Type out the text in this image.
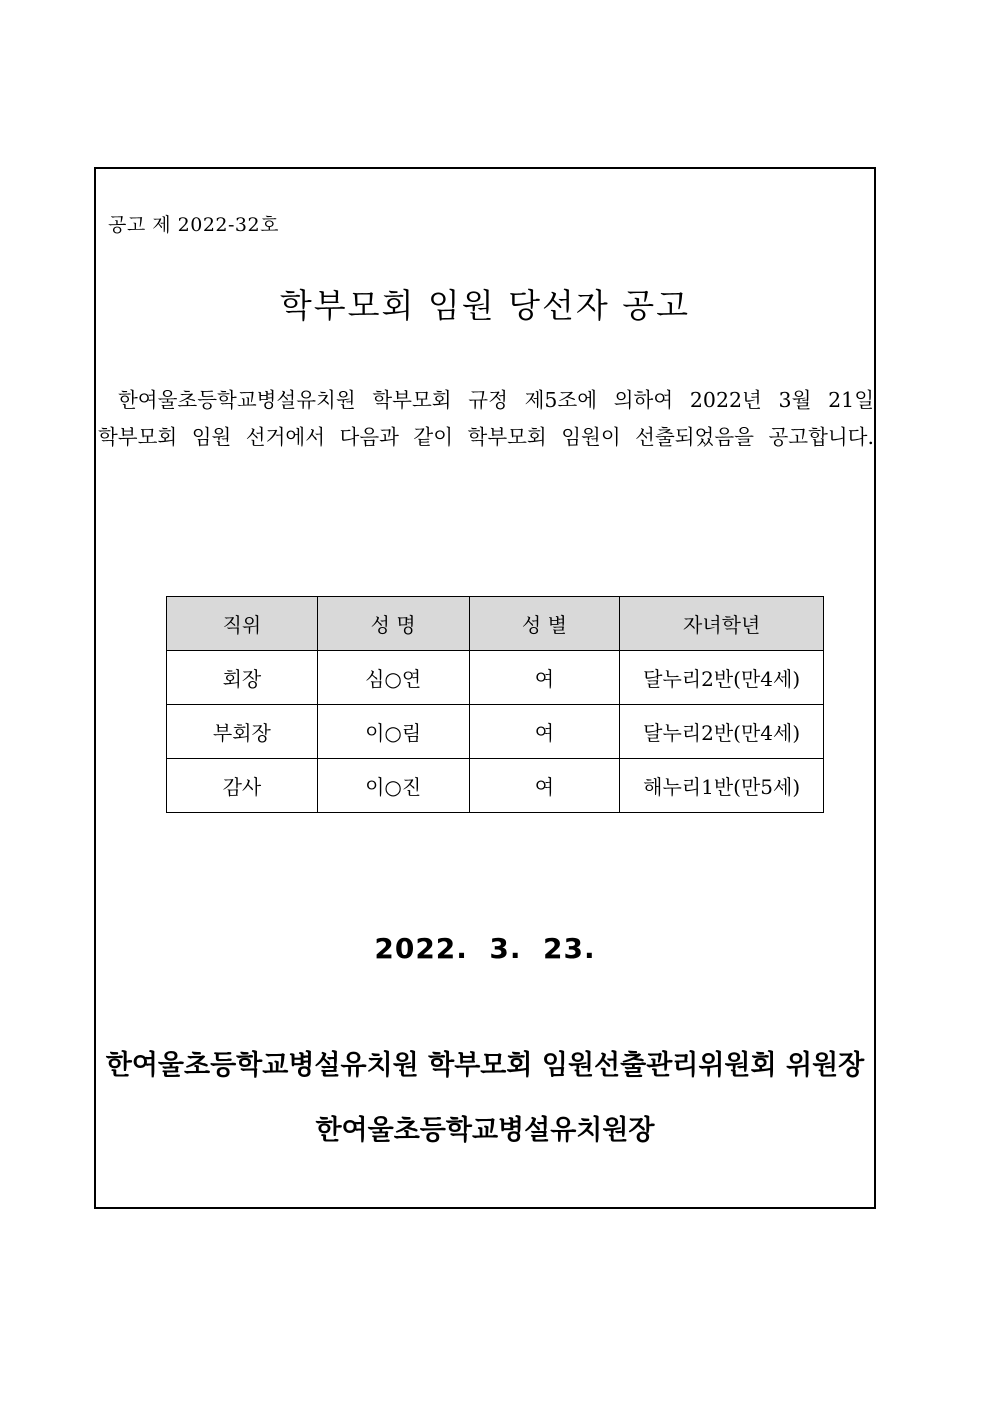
공고 제 2022-32호
학부모회 임원 당선자 공고
한여울초등학교병설유치원 학부모회 규정 제5조에 의하여 2022년 3월 21일
학부모회 임원 선거에서 다음과 같이 학부모회 임원이 선출되었음을 공고합니다.
직위	성 명	성 별	자녀학년
회장	심○연	여	달누리2반(만4세)
부회장	이○림	여	달누리2반(만4세)
감사	이○진	여	해누리1반(만5세)
2022.  3.  23.
한여울초등학교병설유치원 학부모회 임원선출관리위원회 위원장
한여울초등학교병설유치원장
